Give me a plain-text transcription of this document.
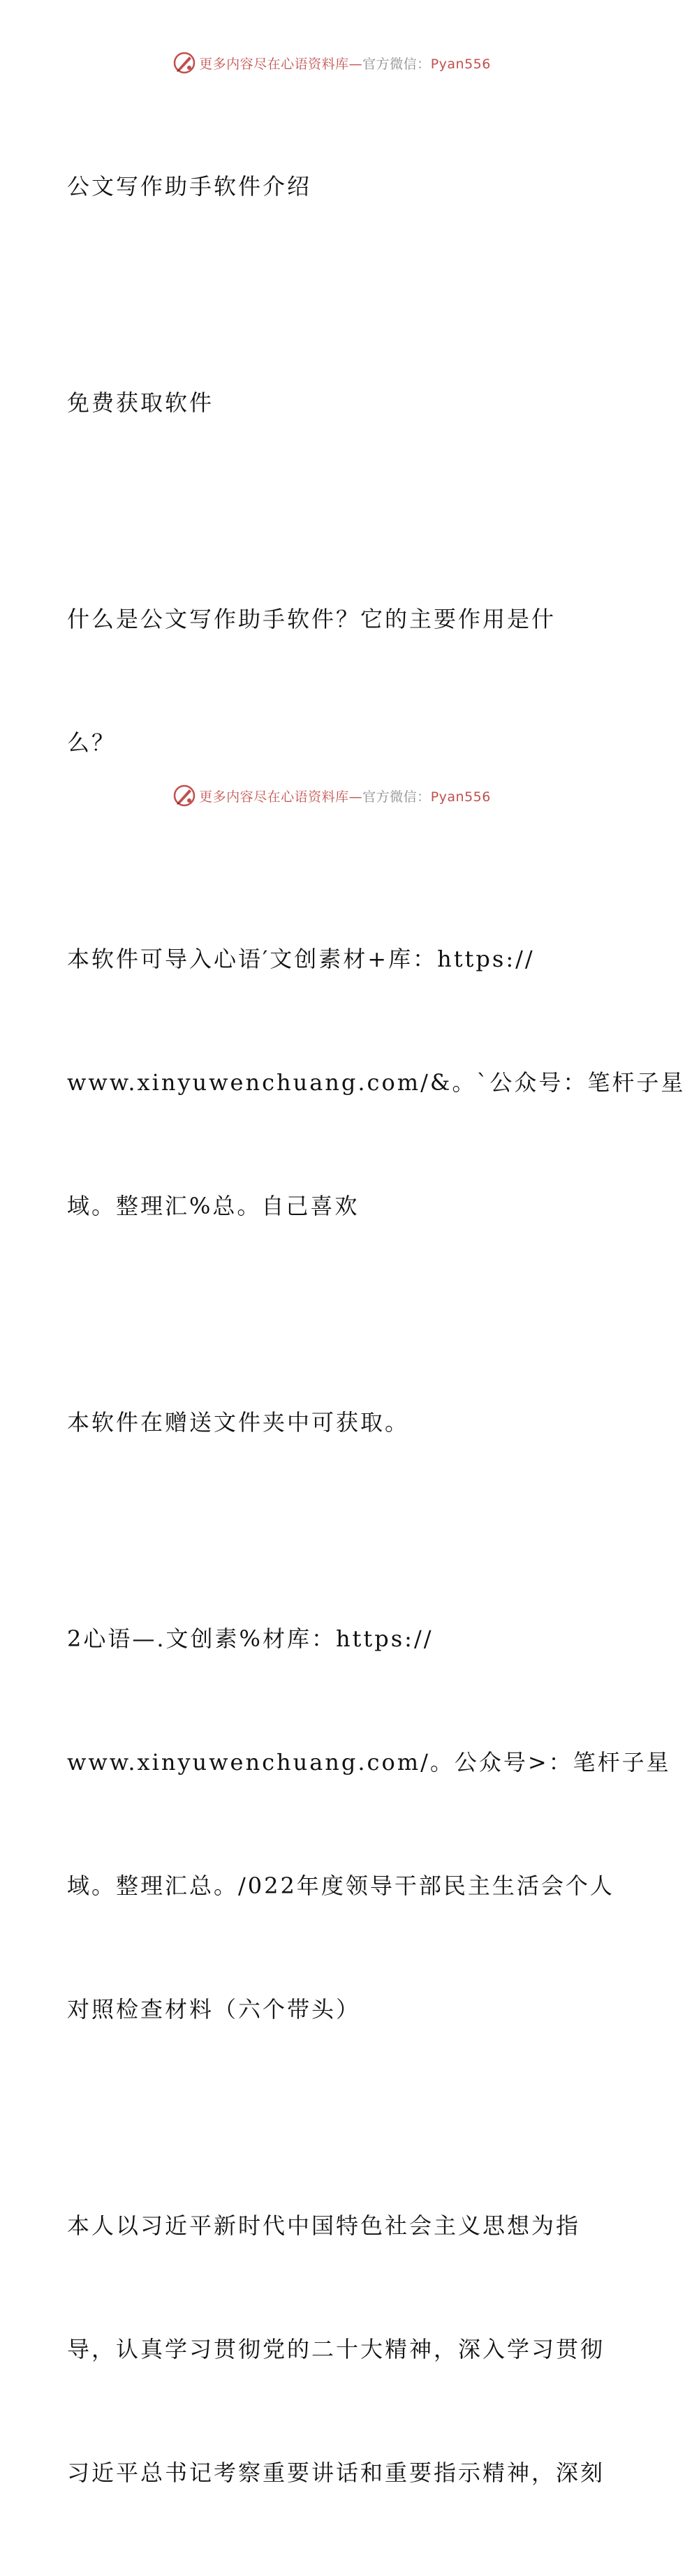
更多内容尽在心语资料库—官方微信：Pyan556

公文写作助手软件介绍

免费获取软件

什么是公文写作助手软件？它的主要作用是什

么？

本软件可导入心语′文创素材+库：https://

www.xinyuwenchuang.com/&。`公众号：笔杆子星

域。整理汇%总。自己喜欢

本软件在赠送文件夹中可获取。

2心语—.文创素%材库：https://

www.xinyuwenchuang.com/。公众号>：笔杆子星

域。整理汇总。/022年度领导干部民主生活会个人

对照检查材料（六个带头）

本人以习近平新时代中国特色社会主义思想为指

导，认真学习贯彻党的二十大精神，深入学习贯彻

习近平总书记考察重要讲话和重要指示精神，深刻

更多内容尽在心语资料库—官方微信：Pyan556
